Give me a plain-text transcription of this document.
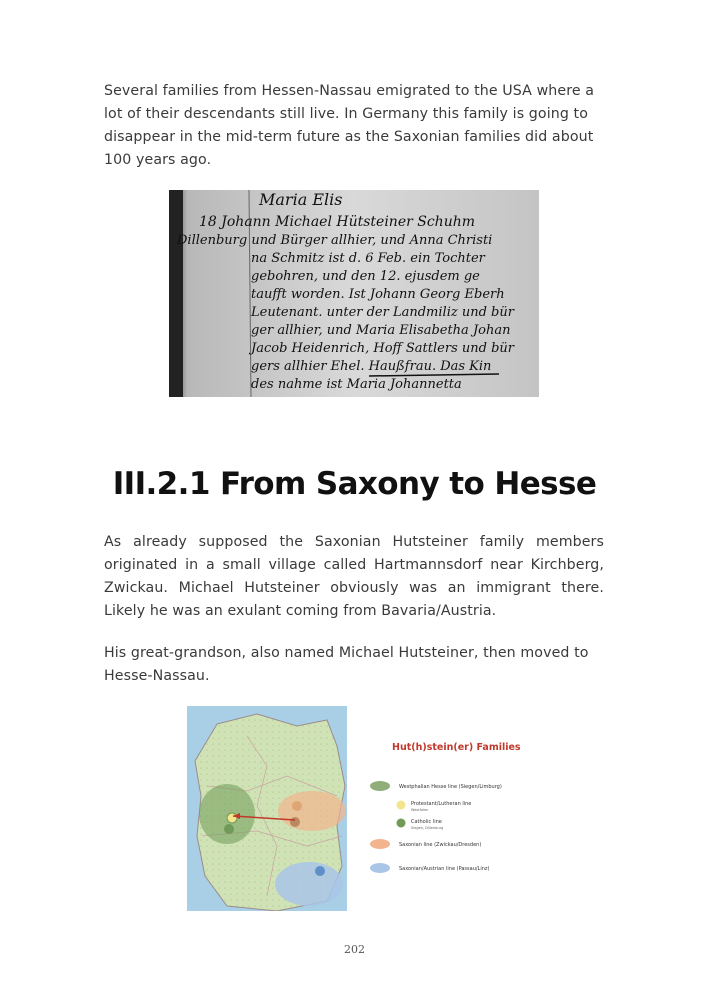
Several families from Hessen-Nassau emigrated to the USA where a lot of their descendants still live. In Germany this family is going to disappear in the mid-term future as the Saxonian families did about 100 years ago.

Maria Elis
18 Johann Michael Hütsteiner Schuhm
Dillenburg und Bürger allhier, und Anna Christi
na Schmitz ist d. 6 Feb. ein Tochter
gebohren, und den 12. ejusdem ge
taufft worden. Ist Johann Georg Eberh
Leutenant. unter der Landmiliz und bür
ger allhier, und Maria Elisabetha Johan
Jacob Heidenrich, Hoff Sattlers und bür
gers allhier Ehel. Haußfrau. Das Kin
des nahme ist Maria Johannetta
III.2.1 From Saxony to Hesse

As already supposed the Saxonian Hutsteiner family members originated in a small village called Hartmannsdorf near Kirchberg, Zwickau. Michael Hutsteiner obviously was an immigrant there. Likely he was an exulant coming from Bavaria/Austria.

His great-grandson, also named Michael Hutsteiner, then moved to Hesse-Nassau.

Hut(h)stein(er) Families
Westphalian Hesse line (Siegen/Limburg)
Protestant/Lutheran line
Westfalen
Catholic line
Siegen, Dillenburg
Saxonian line (Zwickau/Dresden)
Saxonian/Austrian line (Passau/Linz)
202
